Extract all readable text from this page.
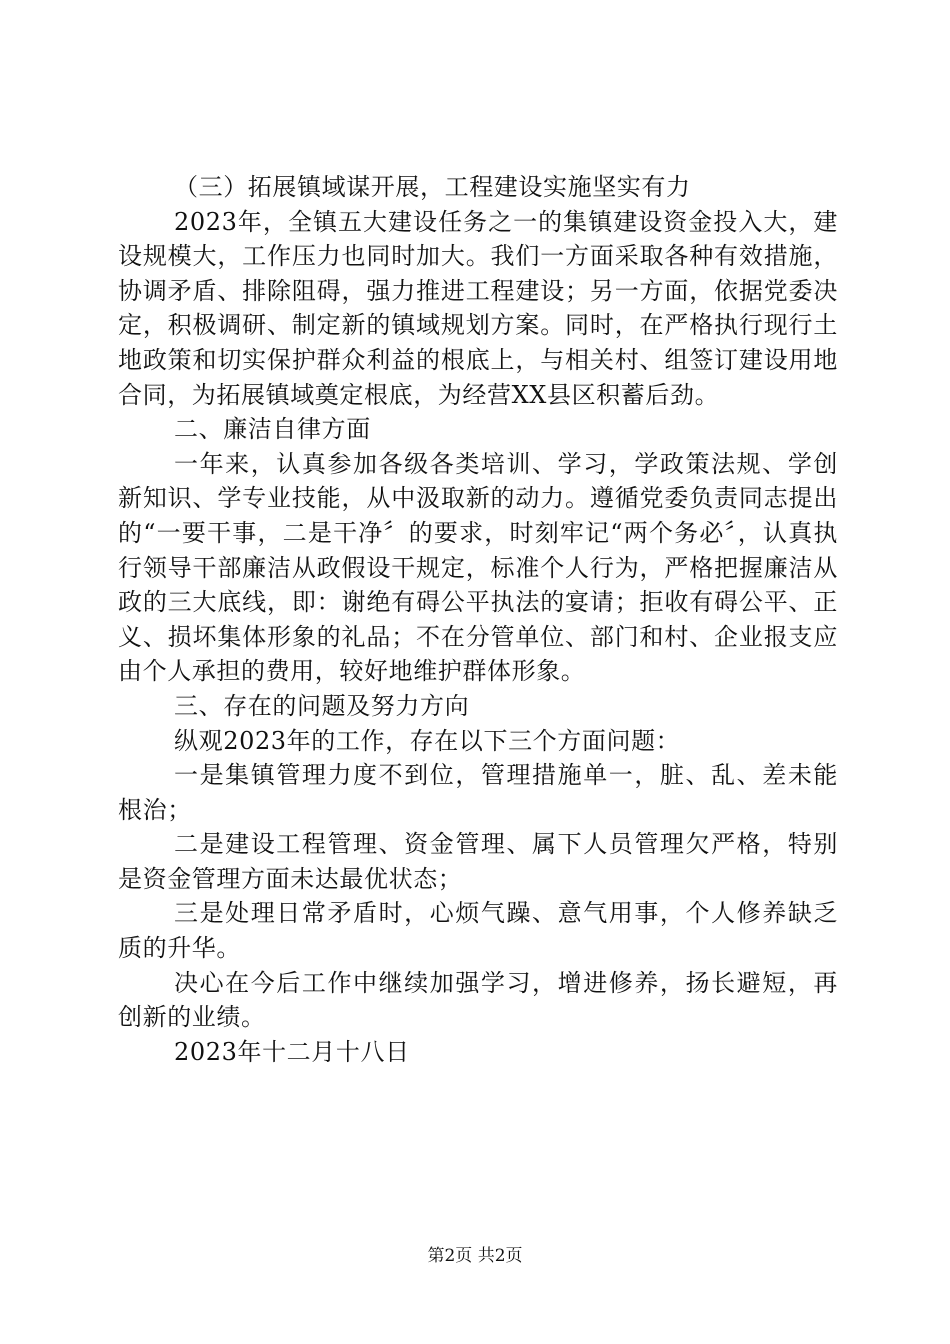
（三）拓展镇域谋开展，工程建设实施坚实有力

2023年，全镇五大建设任务之一的集镇建设资金投入大，建设规模大，工作压力也同时加大。我们一方面采取各种有效措施，协调矛盾、排除阻碍，强力推进工程建设；另一方面，依据党委决定，积极调研、制定新的镇域规划方案。同时，在严格执行现行土地政策和切实保护群众利益的根底上，与相关村、组签订建设用地合同，为拓展镇域奠定根底，为经营XX县区积蓄后劲。

二、廉洁自律方面

一年来，认真参加各级各类培训、学习，学政策法规、学创新知识、学专业技能，从中汲取新的动力。遵循党委负责同志提出的“一要干事，二是干净〞的要求，时刻牢记“两个务必〞，认真执行领导干部廉洁从政假设干规定，标准个人行为，严格把握廉洁从政的三大底线，即：谢绝有碍公平执法的宴请；拒收有碍公平、正义、损坏集体形象的礼品；不在分管单位、部门和村、企业报支应由个人承担的费用，较好地维护群体形象。

三、存在的问题及努力方向

纵观2023年的工作，存在以下三个方面问题：

一是集镇管理力度不到位，管理措施单一，脏、乱、差未能根治；

二是建设工程管理、资金管理、属下人员管理欠严格，特别是资金管理方面未达最优状态；

三是处理日常矛盾时，心烦气躁、意气用事，个人修养缺乏质的升华。

决心在今后工作中继续加强学习，增进修养，扬长避短，再创新的业绩。

2023年十二月十八日

第2页 共2页
